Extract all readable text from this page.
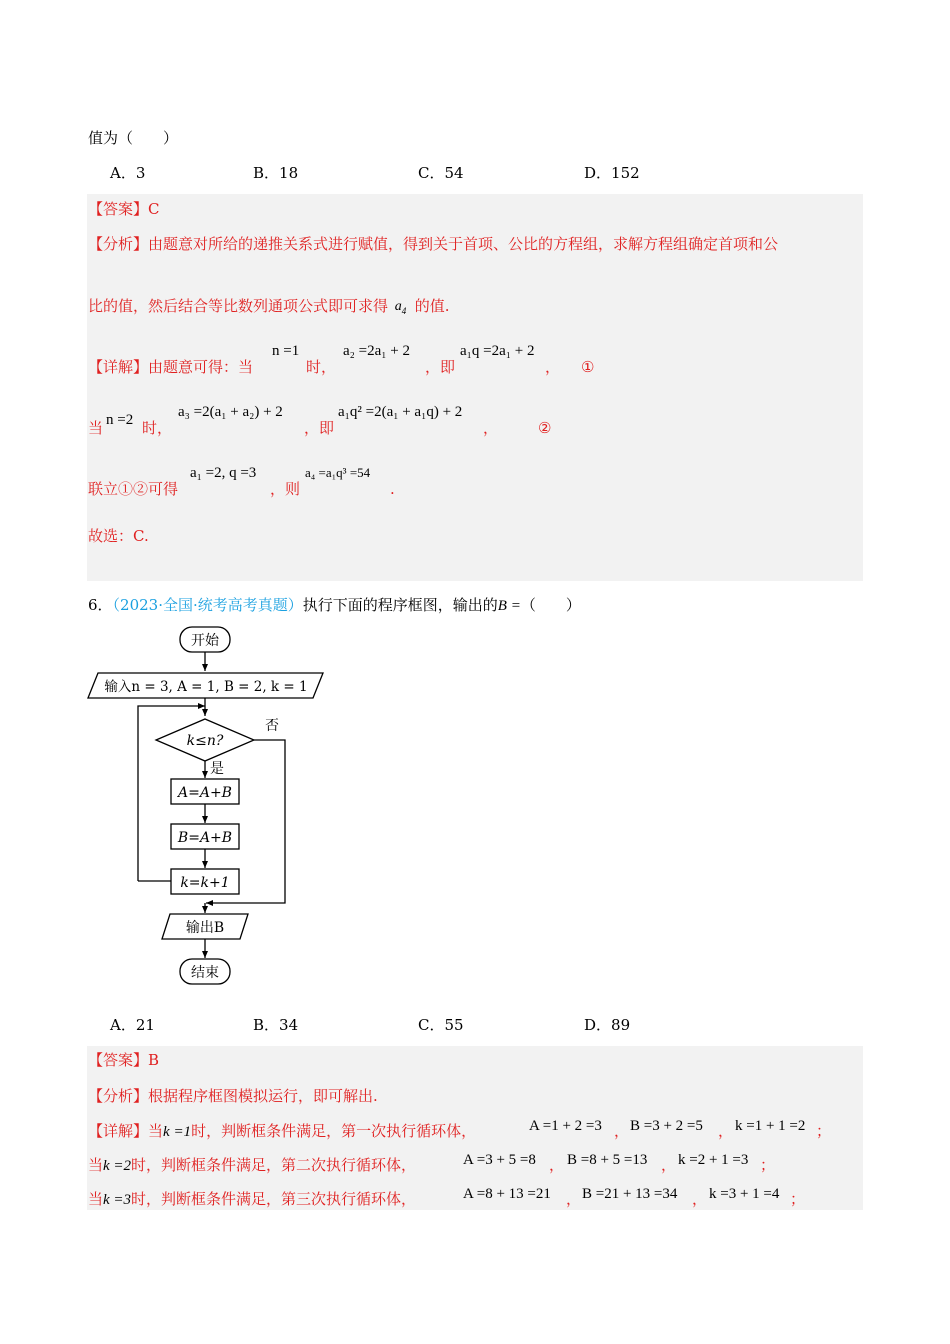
值为（　　）
A．3	B．18	C．54	D．152
【答案】C
【分析】由题意对所给的递推关系式进行赋值，得到关于首项、公比的方程组，求解方程组确定首项和公
比的值，然后结合等比数列通项公式即可求得 $a_4$ 的值.
【详解】由题意可得：当
n =1
时，
a₂ =2a₁ + 2
，即
a₁q =2a₁ + 2
， ①
当 n =2 时，
a₃ =2(a₁ + a₂) + 2
，即
a₁q² =2(a₁ + a₁q) + 2
，	②
联立①②可得
a₁ =2, q =3
，则
a₄ =a₁q³ =54
.
故选：C.
6．（2023·全国·统考高考真题）执行下面的程序框图，输出的B =（　　）
开始
输入n = 3, A = 1, B = 2, k = 1
k≤n?
否
是
A=A+B
B=A+B
k=k+1
输出B
结束
A．21	B．34	C．55	D．89
【答案】B
【分析】根据程序框图模拟运行，即可解出.
【详解】当k =1时，判断框条件满足，第一次执行循环体，	A =1 + 2 =3 ， B =3 + 2 =5 ， k =1 + 1 =2 ；
当k =2时，判断框条件满足，第二次执行循环体，	A =3 + 5 =8 ， B =8 + 5 =13 ， k =2 + 1 =3 ；
当k =3时，判断框条件满足，第三次执行循环体，	A =8 + 13 =21 ， B =21 + 13 =34 ， k =3 + 1 =4 ；
